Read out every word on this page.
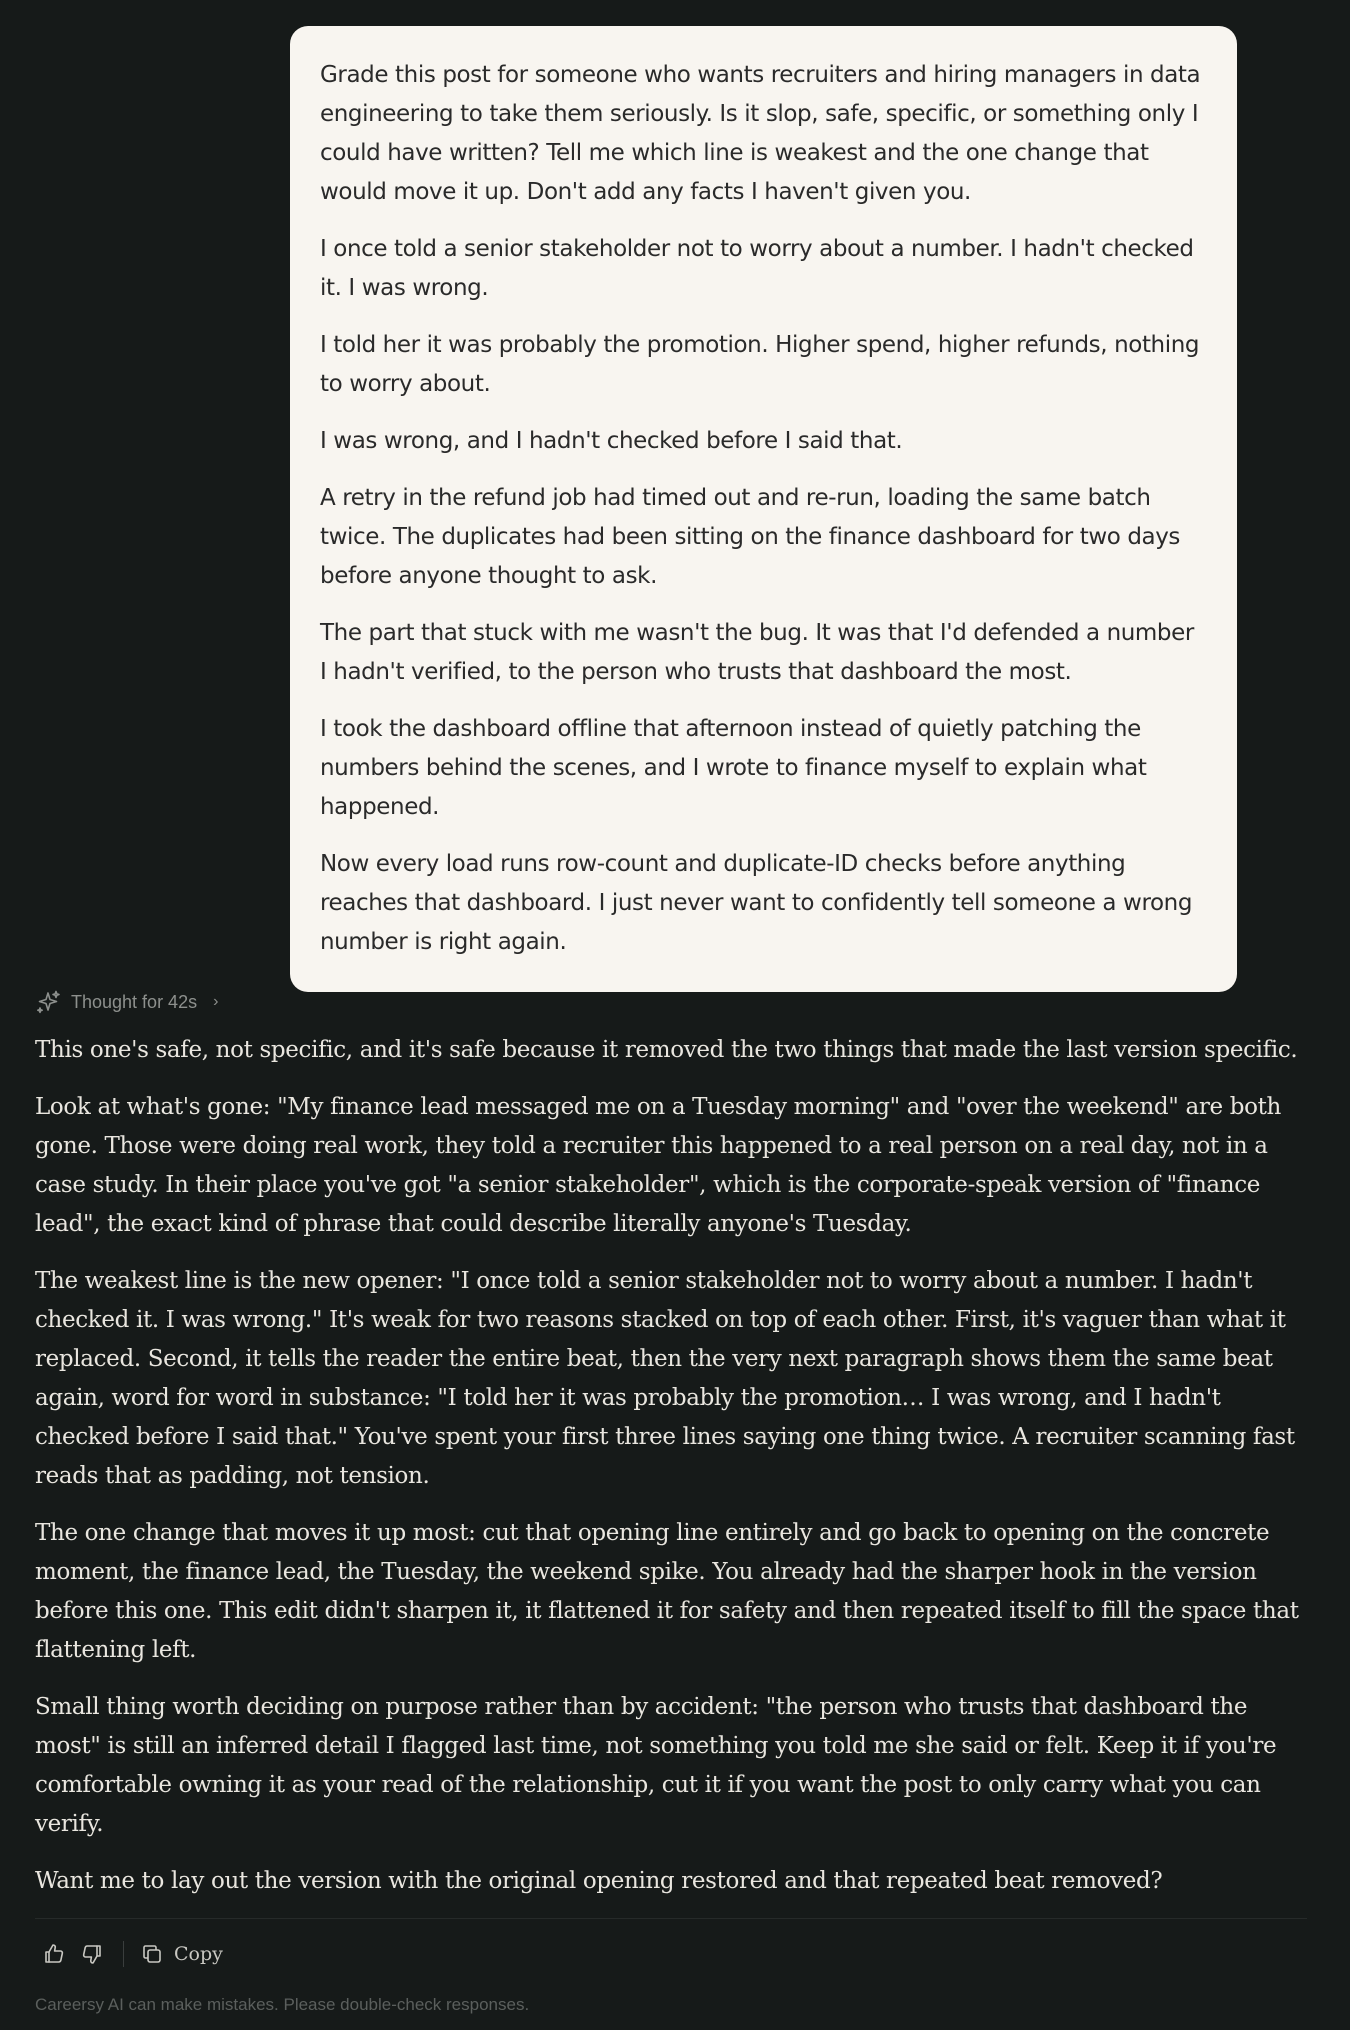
Grade this post for someone who wants recruiters and hiring managers in data engineering to take them seriously. Is it slop, safe, specific, or something only I could have written? Tell me which line is weakest and the one change that would move it up. Don't add any facts I haven't given you.

I once told a senior stakeholder not to worry about a number. I hadn't checked it. I was wrong.

I told her it was probably the promotion. Higher spend, higher refunds, nothing to worry about.

I was wrong, and I hadn't checked before I said that.

A retry in the refund job had timed out and re-run, loading the same batch twice. The duplicates had been sitting on the finance dashboard for two days before anyone thought to ask.

The part that stuck with me wasn't the bug. It was that I'd defended a number I hadn't verified, to the person who trusts that dashboard the most.

I took the dashboard offline that afternoon instead of quietly patching the numbers behind the scenes, and I wrote to finance myself to explain what happened.

Now every load runs row-count and duplicate-ID checks before anything reaches that dashboard. I just never want to confidently tell someone a wrong number is right again.

Thought for 42s ›

This one's safe, not specific, and it's safe because it removed the two things that made the last version specific.

Look at what's gone: "My finance lead messaged me on a Tuesday morning" and "over the weekend" are both gone. Those were doing real work, they told a recruiter this happened to a real person on a real day, not in a case study. In their place you've got "a senior stakeholder", which is the corporate-speak version of "finance lead", the exact kind of phrase that could describe literally anyone's Tuesday.

The weakest line is the new opener: "I once told a senior stakeholder not to worry about a number. I hadn't checked it. I was wrong." It's weak for two reasons stacked on top of each other. First, it's vaguer than what it replaced. Second, it tells the reader the entire beat, then the very next paragraph shows them the same beat again, word for word in substance: "I told her it was probably the promotion… I was wrong, and I hadn't checked before I said that." You've spent your first three lines saying one thing twice. A recruiter scanning fast reads that as padding, not tension.

The one change that moves it up most: cut that opening line entirely and go back to opening on the concrete moment, the finance lead, the Tuesday, the weekend spike. You already had the sharper hook in the version before this one. This edit didn't sharpen it, it flattened it for safety and then repeated itself to fill the space that flattening left.

Small thing worth deciding on purpose rather than by accident: "the person who trusts that dashboard the most" is still an inferred detail I flagged last time, not something you told me she said or felt. Keep it if you're comfortable owning it as your read of the relationship, cut it if you want the post to only carry what you can verify.

Want me to lay out the version with the original opening restored and that repeated beat removed?

Copy
Careersy AI can make mistakes. Please double-check responses.
